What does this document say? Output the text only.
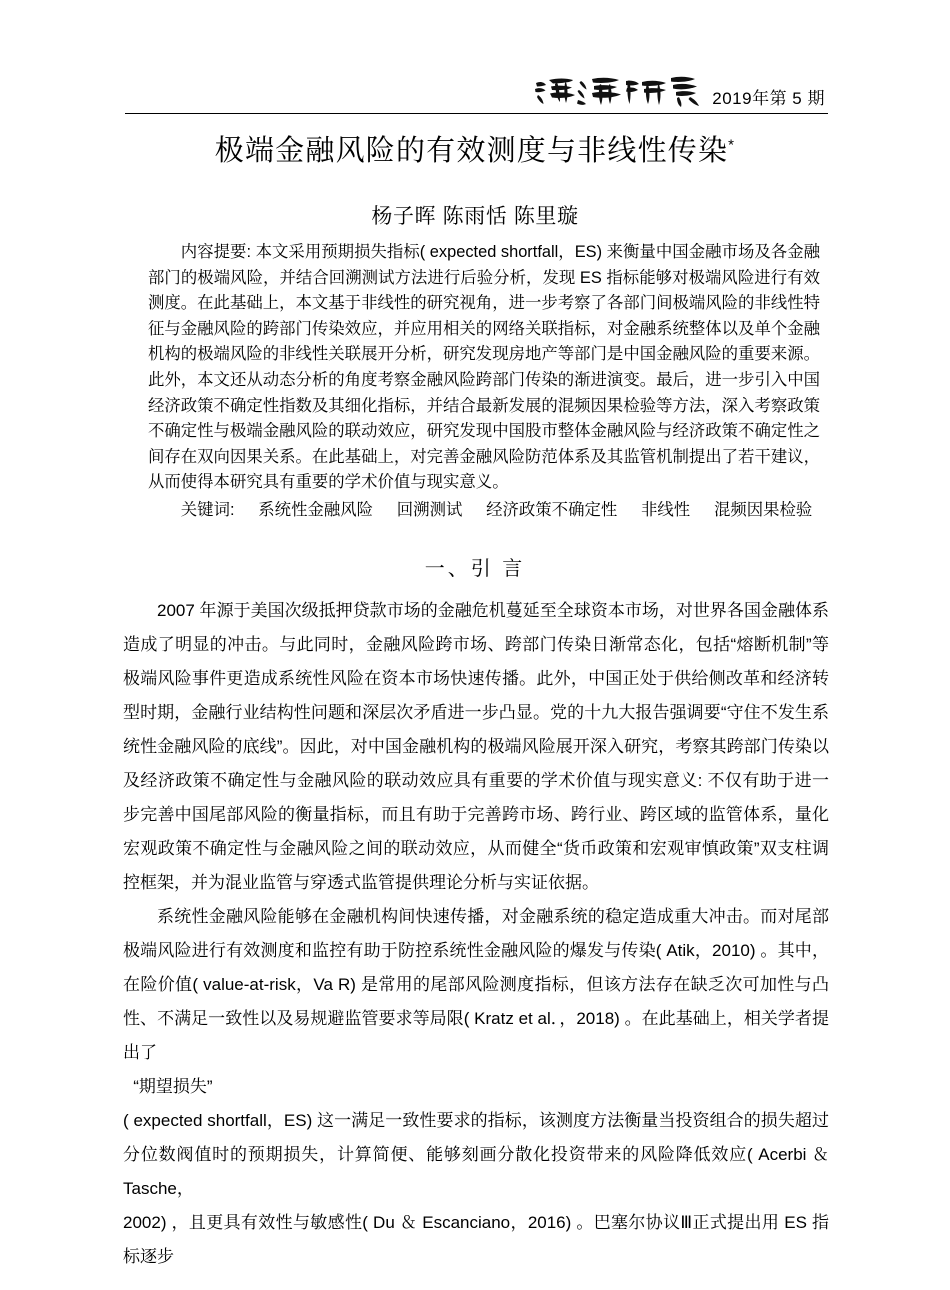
2019年第 5 期
极端金融风险的有效测度与非线性传染*
杨子晖 陈雨恬 陈里璇

内容提要: 本文采用预期损失指标( expected shortfall，ES) 来衡量中国金融市场及各金融部门的极端风险，并结合回溯测试方法进行后验分析，发现 ES 指标能够对极端风险进行有效测度。在此基础上，本文基于非线性的研究视角，进一步考察了各部门间极端风险的非线性特征与金融风险的跨部门传染效应，并应用相关的网络关联指标，对金融系统整体以及单个金融机构的极端风险的非线性关联展开分析，研究发现房地产等部门是中国金融风险的重要来源。此外，本文还从动态分析的角度考察金融风险跨部门传染的渐进演变。最后，进一步引入中国经济政策不确定性指数及其细化指标，并结合最新发展的混频因果检验等方法，深入考察政策不确定性与极端金融风险的联动效应，研究发现中国股市整体金融风险与经济政策不确定性之间存在双向因果关系。在此基础上，对完善金融风险防范体系及其监管机制提出了若干建议，从而使得本研究具有重要的学术价值与现实意义。

关键词: 系统性金融风险 回溯测试 经济政策不确定性 非线性 混频因果检验

一、引 言

2007 年源于美国次级抵押贷款市场的金融危机蔓延至全球资本市场，对世界各国金融体系造成了明显的冲击。与此同时，金融风险跨市场、跨部门传染日渐常态化，包括“熔断机制”等极端风险事件更造成系统性风险在资本市场快速传播。此外，中国正处于供给侧改革和经济转型时期，金融行业结构性问题和深层次矛盾进一步凸显。党的十九大报告强调要“守住不发生系统性金融风险的底线”。因此，对中国金融机构的极端风险展开深入研究，考察其跨部门传染以及经济政策不确定性与金融风险的联动效应具有重要的学术价值与现实意义: 不仅有助于进一步完善中国尾部风险的衡量指标，而且有助于完善跨市场、跨行业、跨区域的监管体系，量化宏观政策不确定性与金融风险之间的联动效应，从而健全“货币政策和宏观审慎政策”双支柱调控框架，并为混业监管与穿透式监管提供理论分析与实证依据。

系统性金融风险能够在金融机构间快速传播，对金融系统的稳定造成重大冲击。而对尾部极端风险进行有效测度和监控有助于防控系统性金融风险的爆发与传染( Atik，2010) 。其中，在险价值( value-at-risk，Va R) 是常用的尾部风险测度指标，但该方法存在缺乏次可加性与凸性、不满足一致性以及易规避监管要求等局限( Kratz et al．，2018) 。在此基础上，相关学者提出了

“期望损失”

( expected shortfall，ES) 这一满足一致性要求的指标，该测度方法衡量当投资组合的损失超过分位数阀值时的预期损失，计算简便、能够刻画分散化投资带来的风险降低效应( Acerbi ＆ Tasche，

2002) ，且更具有效性与敏感性( Du ＆ Escanciano，2016) 。巴塞尔协议Ⅲ正式提出用 ES 指标逐步
